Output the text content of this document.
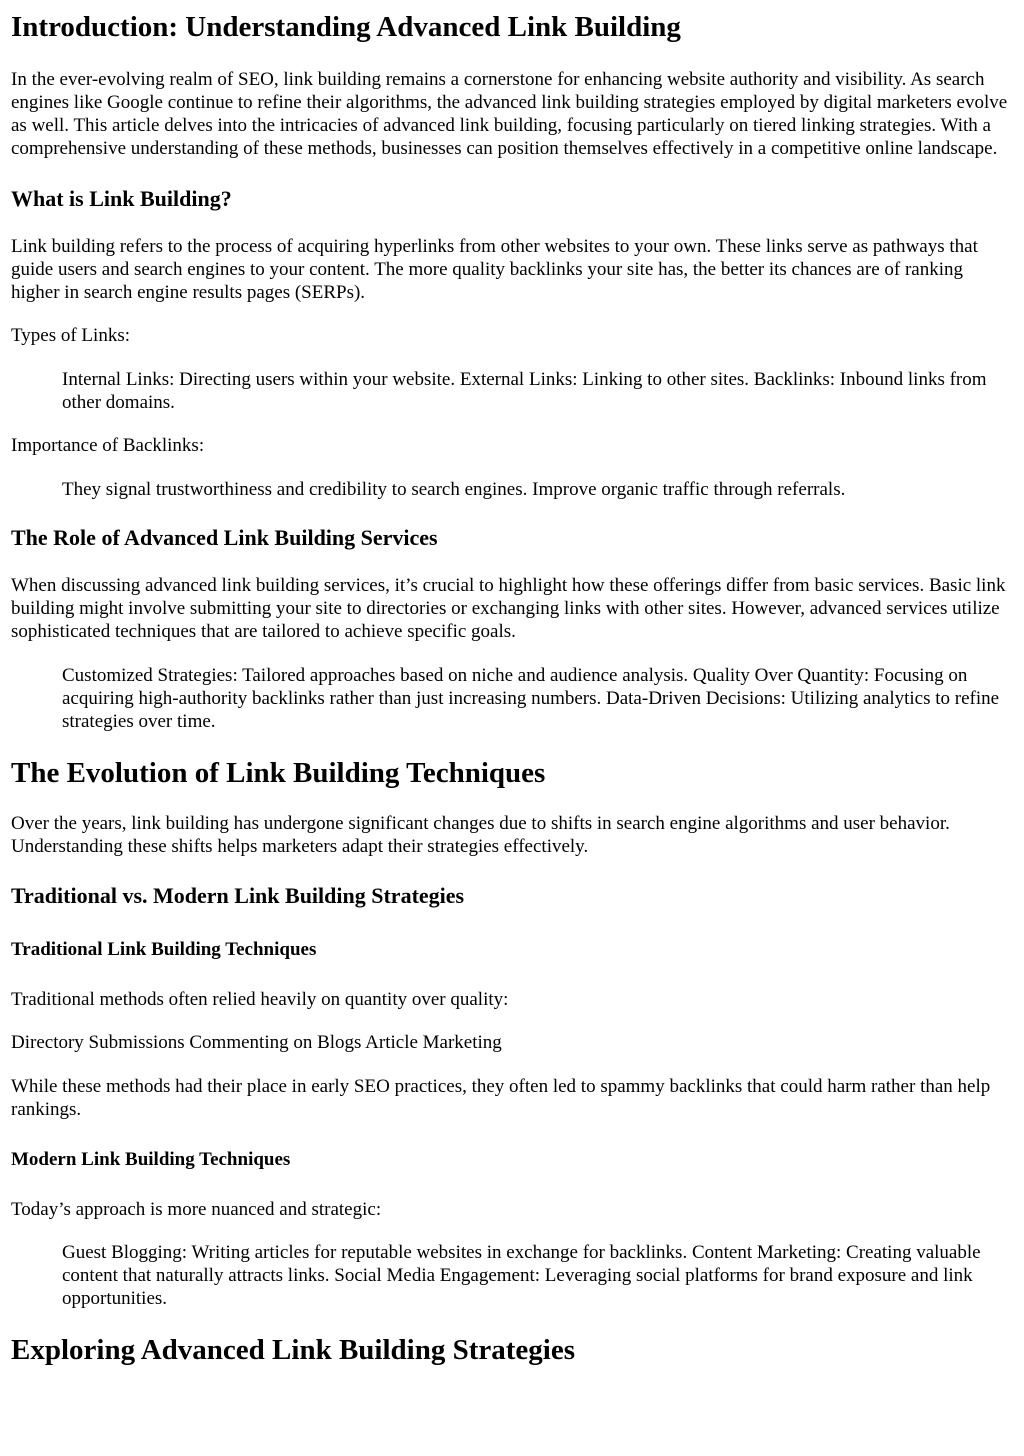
Introduction: Understanding Advanced Link Building

In the ever-evolving realm of SEO, link building remains a cornerstone for enhancing website authority and visibility. As search engines like Google continue to refine their algorithms, the advanced link building strategies employed by digital marketers evolve as well. This article delves into the intricacies of advanced link building, focusing particularly on tiered linking strategies. With a comprehensive understanding of these methods, businesses can position themselves effectively in a competitive online landscape.

What is Link Building?

Link building refers to the process of acquiring hyperlinks from other websites to your own. These links serve as pathways that guide users and search engines to your content. The more quality backlinks your site has, the better its chances are of ranking higher in search engine results pages (SERPs).

Types of Links:

Internal Links: Directing users within your website. External Links: Linking to other sites. Backlinks: Inbound links from other domains.

Importance of Backlinks:

They signal trustworthiness and credibility to search engines. Improve organic traffic through referrals.

The Role of Advanced Link Building Services

When discussing advanced link building services, it’s crucial to highlight how these offerings differ from basic services. Basic link building might involve submitting your site to directories or exchanging links with other sites. However, advanced services utilize sophisticated techniques that are tailored to achieve specific goals.

Customized Strategies: Tailored approaches based on niche and audience analysis. Quality Over Quantity: Focusing on acquiring high-authority backlinks rather than just increasing numbers. Data-Driven Decisions: Utilizing analytics to refine strategies over time.

The Evolution of Link Building Techniques

Over the years, link building has undergone significant changes due to shifts in search engine algorithms and user behavior. Understanding these shifts helps marketers adapt their strategies effectively.

Traditional vs. Modern Link Building Strategies
Traditional Link Building Techniques

Traditional methods often relied heavily on quantity over quality:

Directory Submissions Commenting on Blogs Article Marketing

While these methods had their place in early SEO practices, they often led to spammy backlinks that could harm rather than help rankings.

Modern Link Building Techniques

Today’s approach is more nuanced and strategic:

Guest Blogging: Writing articles for reputable websites in exchange for backlinks. Content Marketing: Creating valuable content that naturally attracts links. Social Media Engagement: Leveraging social platforms for brand exposure and link opportunities.

Exploring Advanced Link Building Strategies
